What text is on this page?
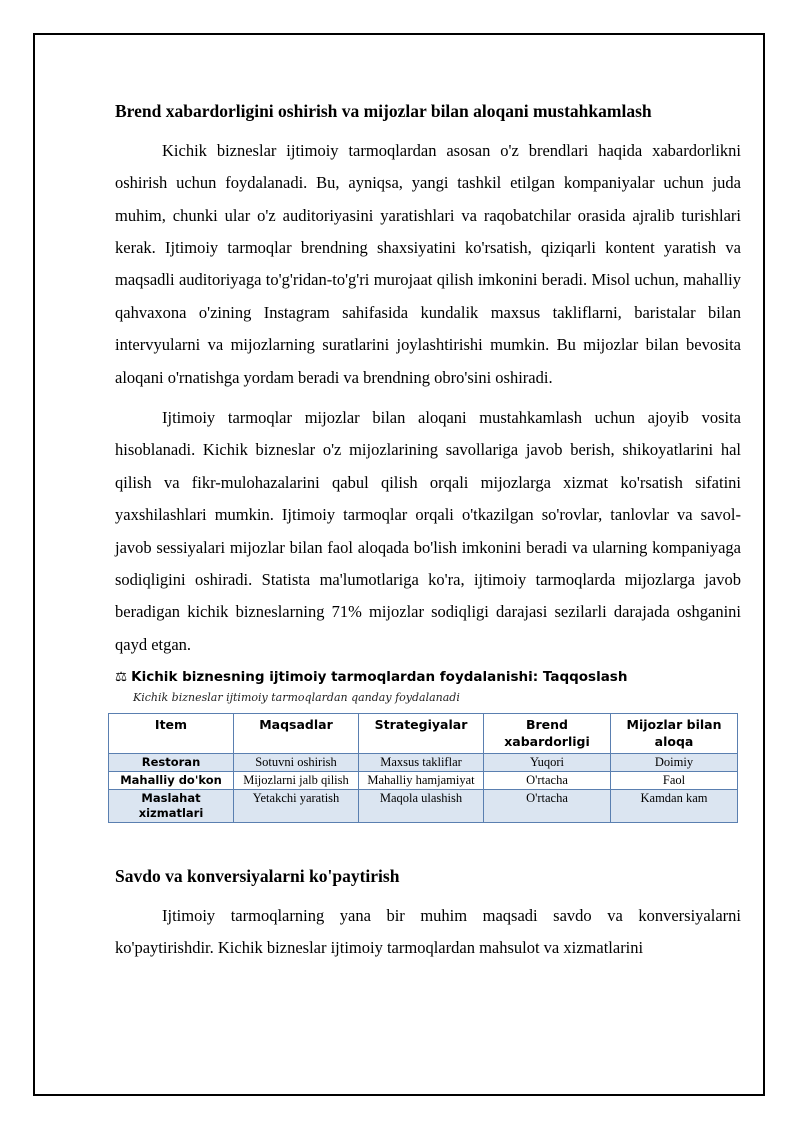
Brend xabardorligini oshirish va mijozlar bilan aloqani mustahkamlash

Kichik bizneslar ijtimoiy tarmoqlardan asosan o'z brendlari haqida xabardorlikni oshirish uchun foydalanadi. Bu, ayniqsa, yangi tashkil etilgan kompaniyalar uchun juda muhim, chunki ular o'z auditoriyasini yaratishlari va raqobatchilar orasida ajralib turishlari kerak. Ijtimoiy tarmoqlar brendning shaxsiyatini ko'rsatish, qiziqarli kontent yaratish va maqsadli auditoriyaga to'g'ridan-to'g'ri murojaat qilish imkonini beradi. Misol uchun, mahalliy qahvaxona o'zining Instagram sahifasida kundalik maxsus takliflarni, baristalar bilan intervyularni va mijozlarning suratlarini joylashtirishi mumkin. Bu mijozlar bilan bevosita aloqani o'rnatishga yordam beradi va brendning obro'sini oshiradi.

Ijtimoiy tarmoqlar mijozlar bilan aloqani mustahkamlash uchun ajoyib vosita hisoblanadi. Kichik bizneslar o'z mijozlarining savollariga javob berish, shikoyatlarini hal qilish va fikr-mulohazalarini qabul qilish orqali mijozlarga xizmat ko'rsatish sifatini yaxshilashlari mumkin. Ijtimoiy tarmoqlar orqali o'tkazilgan so'rovlar, tanlovlar va savol-javob sessiyalari mijozlar bilan faol aloqada bo'lish imkonini beradi va ularning kompaniyaga sodiqligini oshiradi. Statista ma'lumotlariga ko'ra, ijtimoiy tarmoqlarda mijozlarga javob beradigan kichik bizneslarning 71% mijozlar sodiqligi darajasi sezilarli darajada oshganini qayd etgan.

⚖ Kichik biznesning ijtimoiy tarmoqlardan foydalanishi: Taqqoslash
Kichik bizneslar ijtimoiy tarmoqlardan qanday foydalanadi
Item	Maqsadlar	Strategiyalar	Brend xabardorligi	Mijozlar bilan aloqa
Restoran	Sotuvni oshirish	Maxsus takliflar	Yuqori	Doimiy
Mahalliy do'kon	Mijozlarni jalb qilish	Mahalliy hamjamiyat	O'rtacha	Faol
Maslahat xizmatlari	Yetakchi yaratish	Maqola ulashish	O'rtacha	Kamdan kam
Savdo va konversiyalarni ko'paytirish

Ijtimoiy tarmoqlarning yana bir muhim maqsadi savdo va konversiyalarni ko'paytirishdir. Kichik bizneslar ijtimoiy tarmoqlardan mahsulot va xizmatlarini
